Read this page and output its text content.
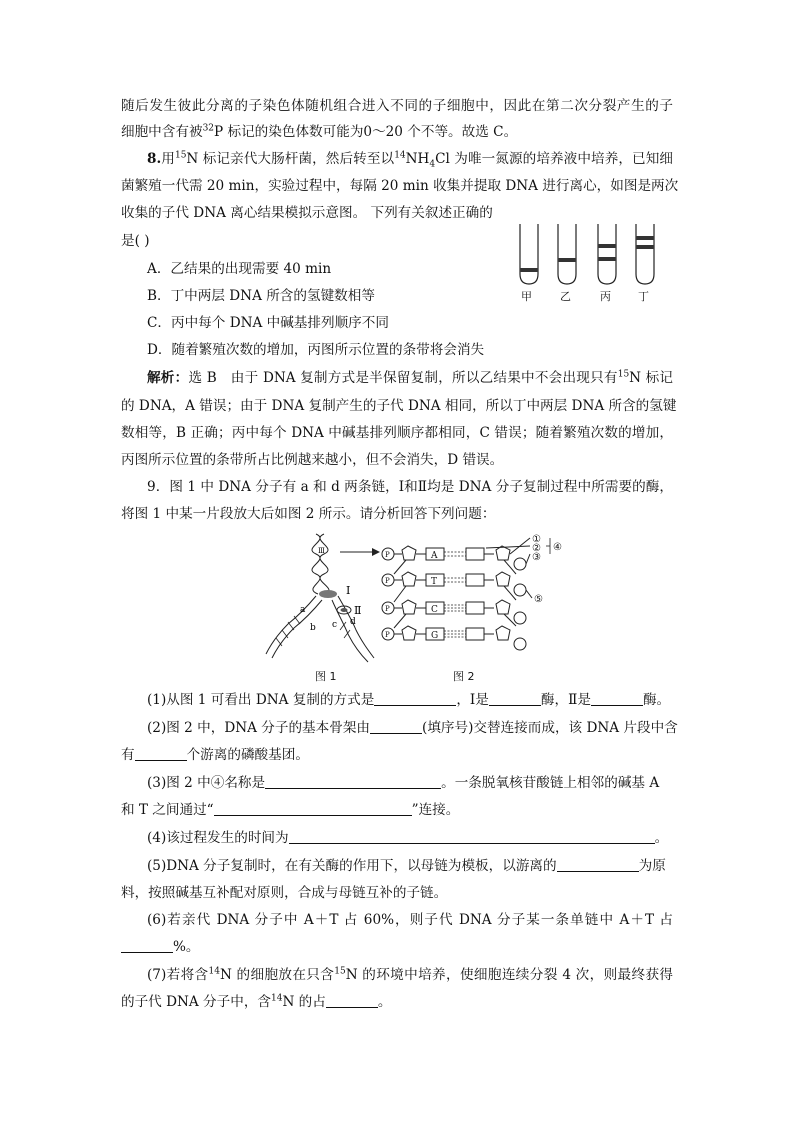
随后发生彼此分离的子染色体随机组合进入不同的子细胞中，因此在第二次分裂产生的子
细胞中含有被$^{32}$P 标记的染色体数可能为0～20 个不等。故选 C。
8.用$^{15}$N 标记亲代大肠杆菌，然后转至以$^{14}NH_4Cl$ 为唯一氮源的培养液中培养，已知细
菌繁殖一代需 20 min，实验过程中，每隔 20 min 收集并提取 DNA 进行离心，如图是两次
收集的子代 DNA 离心结果模拟示意图。 下列有关叙述正确的
是( )
A．乙结果的出现需要 40 min
B．丁中两层 DNA 所含的氢键数相等
C．丙中每个 DNA 中碱基排列顺序不同
D．随着繁殖次数的增加，丙图所示位置的条带将会消失
甲	乙	丙 丁
解析：选 B　由于 DNA 复制方式是半保留复制，所以乙结果中不会出现只有$^{15}$N 标记
的 DNA，A 错误；由于 DNA 复制产生的子代 DNA 相同，所以丁中两层 DNA 所含的氢键
数相等，B 正确；丙中每个 DNA 中碱基排列顺序都相同，C 错误；随着繁殖次数的增加，
丙图所示位置的条带所占比例越来越小，但不会消失，D 错误。
9．图 1 中 DNA 分子有 a 和 d 两条链，Ⅰ和Ⅱ均是 DNA 分子复制过程中所需要的酶，
将图 1 中某一片段放大后如图 2 所示。请分析回答下列问题：
Ⅰ
Ⅱ
Ⅲ
a
b c d
P
P
P
P
A
T
C
G
①
②
③
④
⑤
图 1	图 2
(1)从图 1 可看出 DNA 复制的方式是	，Ⅰ是	酶，Ⅱ是	酶。
(2)图 2 中，DNA 分子的基本骨架由	(填序号)交替连接而成，该 DNA 片段中含
有	个游离的磷酸基团。
(3)图 2 中④名称是	。一条脱氧核苷酸链上相邻的碱基 A
和 T 之间通过“	”连接。
(4)该过程发生的时间为	。
(5)DNA 分子复制时，在有关酶的作用下，以母链为模板，以游离的	为原
料，按照碱基互补配对原则，合成与母链互补的子链。
(6)若亲代 DNA 分子中 A＋T 占 60%，则子代 DNA 分子某一条单链中 A＋T 占
%。
(7)若将含$^{14}$N 的细胞放在只含$^{15}$N 的环境中培养，使细胞连续分裂 4 次，则最终获得
的子代 DNA 分子中，含$^{14}$N 的占	。
